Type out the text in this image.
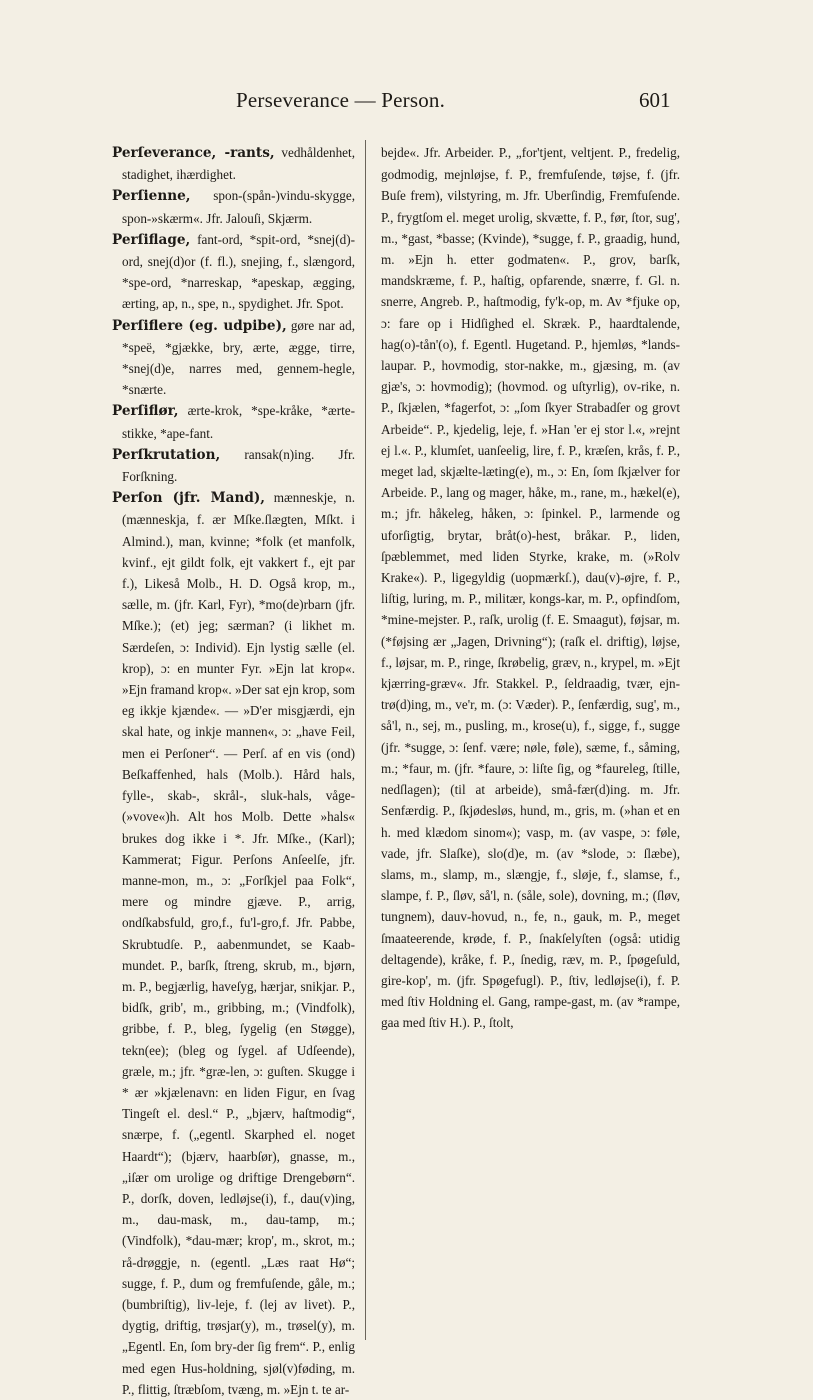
Perseverance — Person.	601

Perſeverance, -rants, vedhåldenhet, stadighet, ihærdighet.

Perſienne, spon-(spån-)vindu-skygge, spon-»skærm«. Jfr. Jalouſi, Skjærm.

Perſiflage, fant-ord, *spit-ord, *snej(d)-ord, snej(d)or (f. fl.), snejing, f., slængord, *spe-ord, *narreskap, *apeskap, ægging, ærting, ap, n., spe, n., spydighet. Jfr. Spot.

Perſiflere (eg. udpibe), gøre nar ad, *speë, *gjække, bry, ærte, ægge, tirre, *snej(d)e, narres med, gennem-hegle, *snærte.

Perſiflør, ærte-krok, *spe-kråke, *ærte-stikke, *ape-fant.

Perſkrutation, ransak(n)ing. Jfr. Forſkning.

Perſon (jfr. Mand), mænneskje, n. (mænneskja, f. ær Mſke.ſlægten, Mſkt. i Almind.), man, kvinne; *folk (et manfolk, kvinf., ejt gildt folk, ejt vakkert f., ejt par f.), Likeså Molb., H. D. Også krop, m., sælle, m. (jfr. Karl, Fyr), *mo(de)rbarn (jfr. Mſke.); (et) jeg; særman? (i likhet m. Særdeſen, ɔ: Individ). Ejn lystig sælle (el. krop), ɔ: en munter Fyr. »Ejn lat krop«. »Ejn framand krop«. »Der sat ejn krop, som eg ikkje kjænde«. — »D'er misgjærdi, ejn skal hate, og inkje mannen«, ɔ: „have Feil, men ei Perſoner“. — Perſ. af en vis (ond) Beſkaffenhed, hals (Molb.). Hård hals, fylle-, skab-, skrål-, sluk-hals, våge-(»vove«)h. Alt hos Molb. Dette »hals« brukes dog ikke i *. Jfr. Mſke., (Karl); Kammerat; Figur. Perſons Anſeelſe, jfr. manne-mon, m., ɔ: „Forſkjel paa Folk“, mere og mindre gjæve. P., arrig, ondſkabsfuld, gro,f., fu'l-gro,f. Jfr. Pabbe, Skrubtudſe. P., aabenmundet, se Kaab-mundet. P., barſk, ſtreng, skrub, m., bjørn, m. P., begjærlig, haveſyg, hærjar, snikjar. P., bidſk, grib', m., gribbing, m.; (Vindfolk), gribbe, f. P., bleg, ſygelig (en Støgge), tekn(ee); (bleg og ſygel. af Udſeende), græle, m.; jfr. *græ-len, ɔ: guſten. Skugge i * ær »kjælenavn: en liden Figur, en ſvag Tingeſt el. desl.“ P., „bjærv, haſtmodig“, snærpe, f. („egentl. Skarphed el. noget Haardt“); (bjærv, haarbſør), gnasse, m., „iſær om urolige og driftige Drengebørn“. P., dorſk, doven, ledløjse(i), f., dau(v)ing, m., dau-mask, m., dau-tamp, m.; (Vindfolk), *dau-mær; krop', m., skrot, m.; rå-drøggje, n. (egentl. „Læs raat Hø“; sugge, f. P., dum og fremfuſende, gåle, m.; (bumbriſtig), liv-leje, f. (lej av livet). P., dygtig, driftig, trøsjar(y), m., trøsel(y), m. „Egentl. En, ſom bry-der ſig frem“. P., enlig med egen Hus-holdning, sjøl(v)føding, m. P., flittig, ſtræbſom, tvæng, m. »Ejn t. te ar-

bejde«. Jfr. Arbeider. P., „for'tjent, veltjent. P., fredelig, godmodig, mejnløjse, f. P., fremfuſende, tøjse, f. (jfr. Buſe frem), vilstyring, m. Jfr. Uberſindig, Fremfuſende. P., frygtſom el. meget urolig, skvætte, f. P., før, ſtor, sug', m., *gast, *basse; (Kvinde), *sugge, f. P., graadig, hund, m. »Ejn h. etter godmaten«. P., grov, barſk, mandskræme, f. P., haſtig, opfarende, snærre, f. Gl. n. snerre, Angreb. P., haſtmodig, fy'k-op, m. Av *fjuke op, ɔ: fare op i Hidſighed el. Skræk. P., haardtalende, hag(o)-tån'(o), f. Egentl. Hugetand. P., hjemløs, *lands-laupar. P., hovmodig, stor-nakke, m., gjæsing, m. (av gjæ's, ɔ: hovmodig); (hovmod. og uſtyrlig), ov-rike, n. P., ſkjælen, *fagerfot, ɔ: „ſom ſkyer Strabadſer og grovt Arbeide“. P., kjedelig, leje, f. »Han 'er ej stor l.«, »rejnt ej l.«. P., klumſet, uanſeelig, lire, f. P., kræſen, krås, f. P., meget lad, skjælte-læting(e), m., ɔ: En, ſom ſkjælver for Arbeide. P., lang og mager, håke, m., rane, m., hækel(e), m.; jfr. håkeleg, håken, ɔ: ſpinkel. P., larmende og uforſigtig, brytar, bråt(o)-hest, bråkar. P., liden, ſpæblemmet, med liden Styrke, krake, m. (»Rolv Krake«). P., ligegyldig (uopmærkſ.), dau(v)-øjre, f. P., liſtig, luring, m. P., militær, kongs-kar, m. P., opfindſom, *mine-mejster. P., raſk, urolig (f. E. Smaagut), føjsar, m. (*føjsing ær „Jagen, Drivning“); (raſk el. driftig), løjse, f., løjsar, m. P., ringe, ſkrøbelig, græv, n., krypel, m. »Ejt kjærring-græv«. Jfr. Stakkel. P., ſeldraadig, tvær, ejn-trø(d)ing, m., ve'r, m. (ɔ: Væder). P., ſenfærdig, sug', m., så'l, n., sej, m., pusling, m., krose(u), f., sigge, f., sugge (jfr. *sugge, ɔ: ſenf. være; nøle, føle), sæme, f., såming, m.; *faur, m. (jfr. *faure, ɔ: liſte ſig, og *faureleg, ſtille, nedſlagen); (til at arbeide), små-fær(d)ing. m. Jfr. Senfærdig. P., ſkjødesløs, hund, m., gris, m. (»han et en h. med klædom sinom«); vasp, m. (av vaspe, ɔ: føle, vade, jfr. Slaſke), slo(d)e, m. (av *slode, ɔ: ſlæbe), slams, m., slamp, m., slængje, f., sløje, f., slamse, f., slampe, f. P., ſløv, så'l, n. (såle, sole), dovning, m.; (ſløv, tungnem), dauv-hovud, n., fe, n., gauk, m. P., meget ſmaateerende, krøde, f. P., ſnakſelyſten (også: utidig deltagende), kråke, f. P., ſnedig, ræv, m. P., ſpøgeſuld, gire-kop', m. (jfr. Spøgefugl). P., ſtiv, ledløjse(i), f. P. med ſtiv Holdning el. Gang, rampe-gast, m. (av *rampe, gaa med ſtiv H.). P., ſtolt,
